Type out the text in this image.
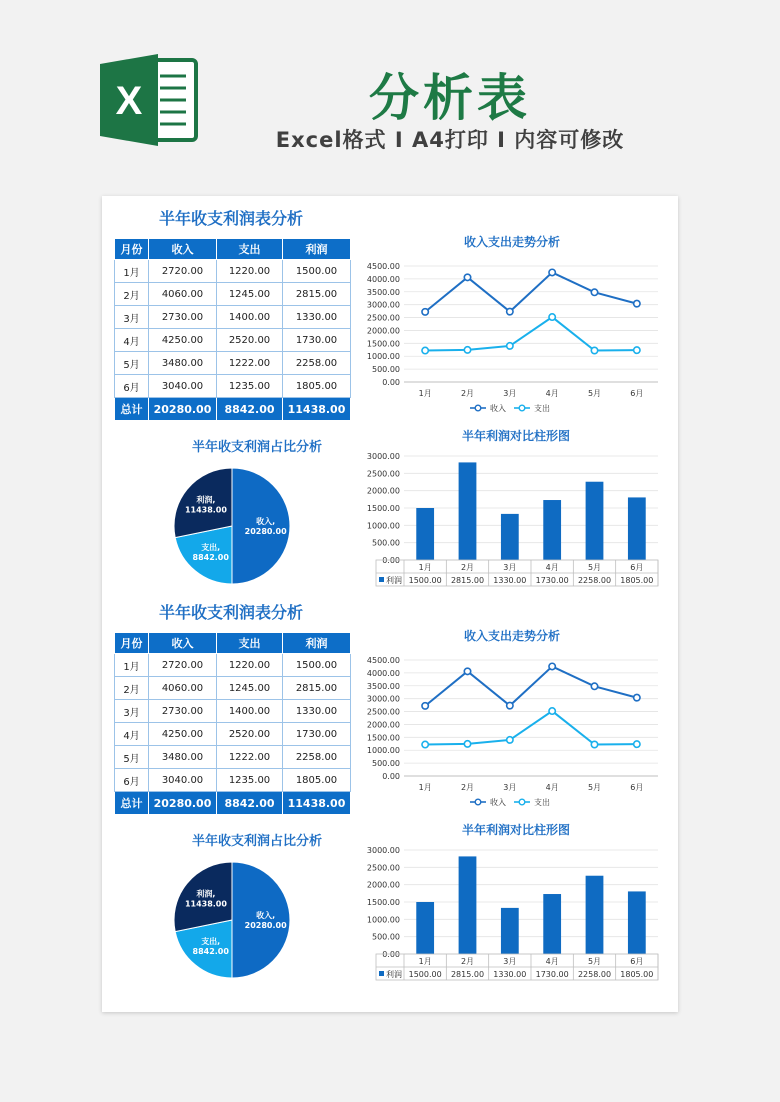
X	分析表
Excel格式 I A4打印 I 内容可修改
半年收支利润表分析
月份	收入	支出	利润
1月	2720.00	1220.00	1500.00
2月	4060.00	1245.00	2815.00
3月	2730.00	1400.00	1330.00
4月	4250.00	2520.00	1730.00
5月	3480.00	1222.00	2258.00
6月	3040.00	1235.00	1805.00
总计	20280.00	8842.00	11438.00
半年收支利润占比分析
收入, 20280.00
支出, 8842.00
利润, 11438.00
收入支出走势分析
0.00
500.00
1000.00
1500.00
2000.00
2500.00
3000.00
3500.00
4000.00
4500.00
1月	2月	3月	4月	5月	6月
收入	支出
半年利润对比柱形图
0.00
500.00
1000.00
1500.00
2000.00
2500.00
3000.00
1月
1500.00
2月
2815.00
3月
1330.00
4月
1730.00
5月
2258.00
6月
1805.00
利润
半年收支利润表分析
月份	收入	支出	利润
1月	2720.00	1220.00	1500.00
2月	4060.00	1245.00	2815.00
3月	2730.00	1400.00	1330.00
4月	4250.00	2520.00	1730.00
5月	3480.00	1222.00	2258.00
6月	3040.00	1235.00	1805.00
总计	20280.00	8842.00	11438.00
半年收支利润占比分析
收入, 20280.00
支出, 8842.00
利润, 11438.00
收入支出走势分析
0.00
500.00
1000.00
1500.00
2000.00
2500.00
3000.00
3500.00
4000.00
4500.00
1月	2月	3月	4月	5月	6月
收入	支出
半年利润对比柱形图
0.00
500.00
1000.00
1500.00
2000.00
2500.00
3000.00
1月
1500.00
2月
2815.00
3月
1330.00
4月
1730.00
5月
2258.00
6月
1805.00
利润
